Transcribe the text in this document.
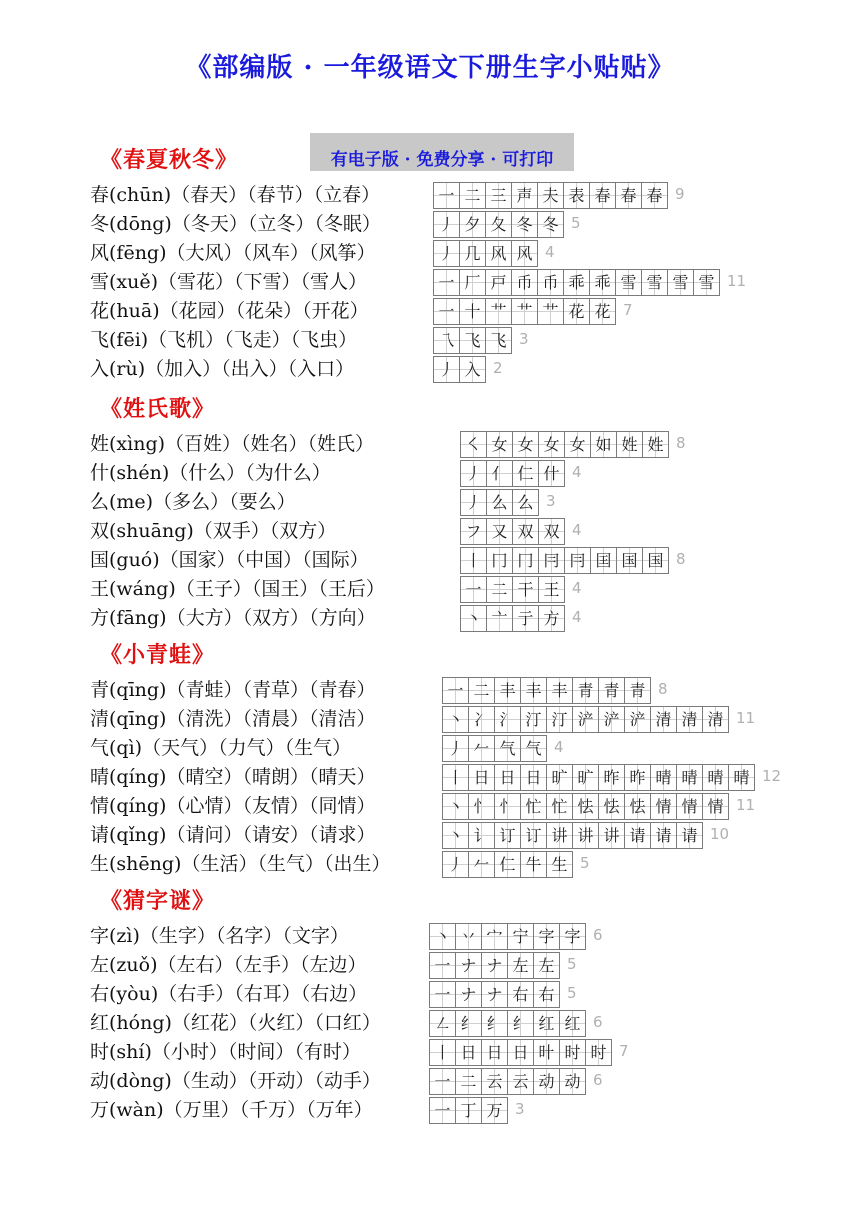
《部编版 · 一年级语文下册生字小贴贴》
有电子版 · 免费分享 · 可打印
《春夏秋冬》
春(chūn)（春天）（春节）（立春）	一 二 三 声 夫 表 春 春 春 9
冬(dōng)（冬天）（立冬）（冬眠）	丿 夕 夂 冬 冬 5
风(fēng)（大风）（风车）（风筝）	丿 几 风 风 4
雪(xuě)（雪花）（下雪）（雪人）	一 厂 戸 币 币 乖 乖 雪 雪 雪 雪 11
花(huā)（花园）（花朵）（开花）	一 十 艹 艹 艹 花 花 7
飞(fēi)（飞机）（飞走）（飞虫）	乁 飞 飞 3
入(rù)（加入）（出入）（入口）	丿 入 2
《姓氏歌》
姓(xìng)（百姓）（姓名）（姓氏）	㇛ 女 女 女 女 如 姓 姓 8
什(shén)（什么）（为什么）	丿 亻 仁 什 4
么(me)（多么）（要么）	丿 么 么 3
双(shuāng)（双手）（双方）	フ 又 双 双 4
国(guó)（国家）（中国）（国际）	丨 冂 冂 冃 冃 囯 国 国 8
王(wáng)（王子）（国王）（王后）	一 二 干 王 4
方(fāng)（大方）（双方）（方向）	丶 亠 亍 方 4
《小青蛙》
青(qīng)（青蛙）（青草）（青春）	一 二 丰 丰 丰 青 青 青 8
清(qīng)（清洗）（清晨）（清洁）	丶 冫 氵 汀 汀 浐 浐 浐 清 清 清 11
气(qì)（天气）（力气）（生气）	丿 𠂉 气 气 4
晴(qíng)（晴空）（晴朗）（晴天）	丨 日 日 日 旷 旷 昨 昨 晴 晴 晴 晴 12
情(qíng)（心情）（友情）（同情）	丶 忄 忄 忙 忙 怯 怯 怯 情 情 情 11
请(qǐng)（请问）（请安）（请求）	丶 讠 订 订 讲 讲 讲 请 请 请 10
生(shēng)（生活）（生气）（出生）	丿 𠂉 仁 牛 生 5
《猜字谜》
字(zì)（生字）（名字）（文字）	丶 丷 宀 宁 字 字 6
左(zuǒ)（左右）（左手）（左边）	一 ナ ナ 左 左 5
右(yòu)（右手）（右耳）（右边）	一 ナ ナ 右 右 5
红(hóng)（红花）（火红）（口红）	㇜ 纟 纟 纟 红 红 6
时(shí)（小时）（时间）（有时）	丨 日 日 日 旪 时 时 7
动(dòng)（生动）（开动）（动手）	一 二 云 云 动 动 6
万(wàn)（万里）（千万）（万年）	一 丁 万 3
